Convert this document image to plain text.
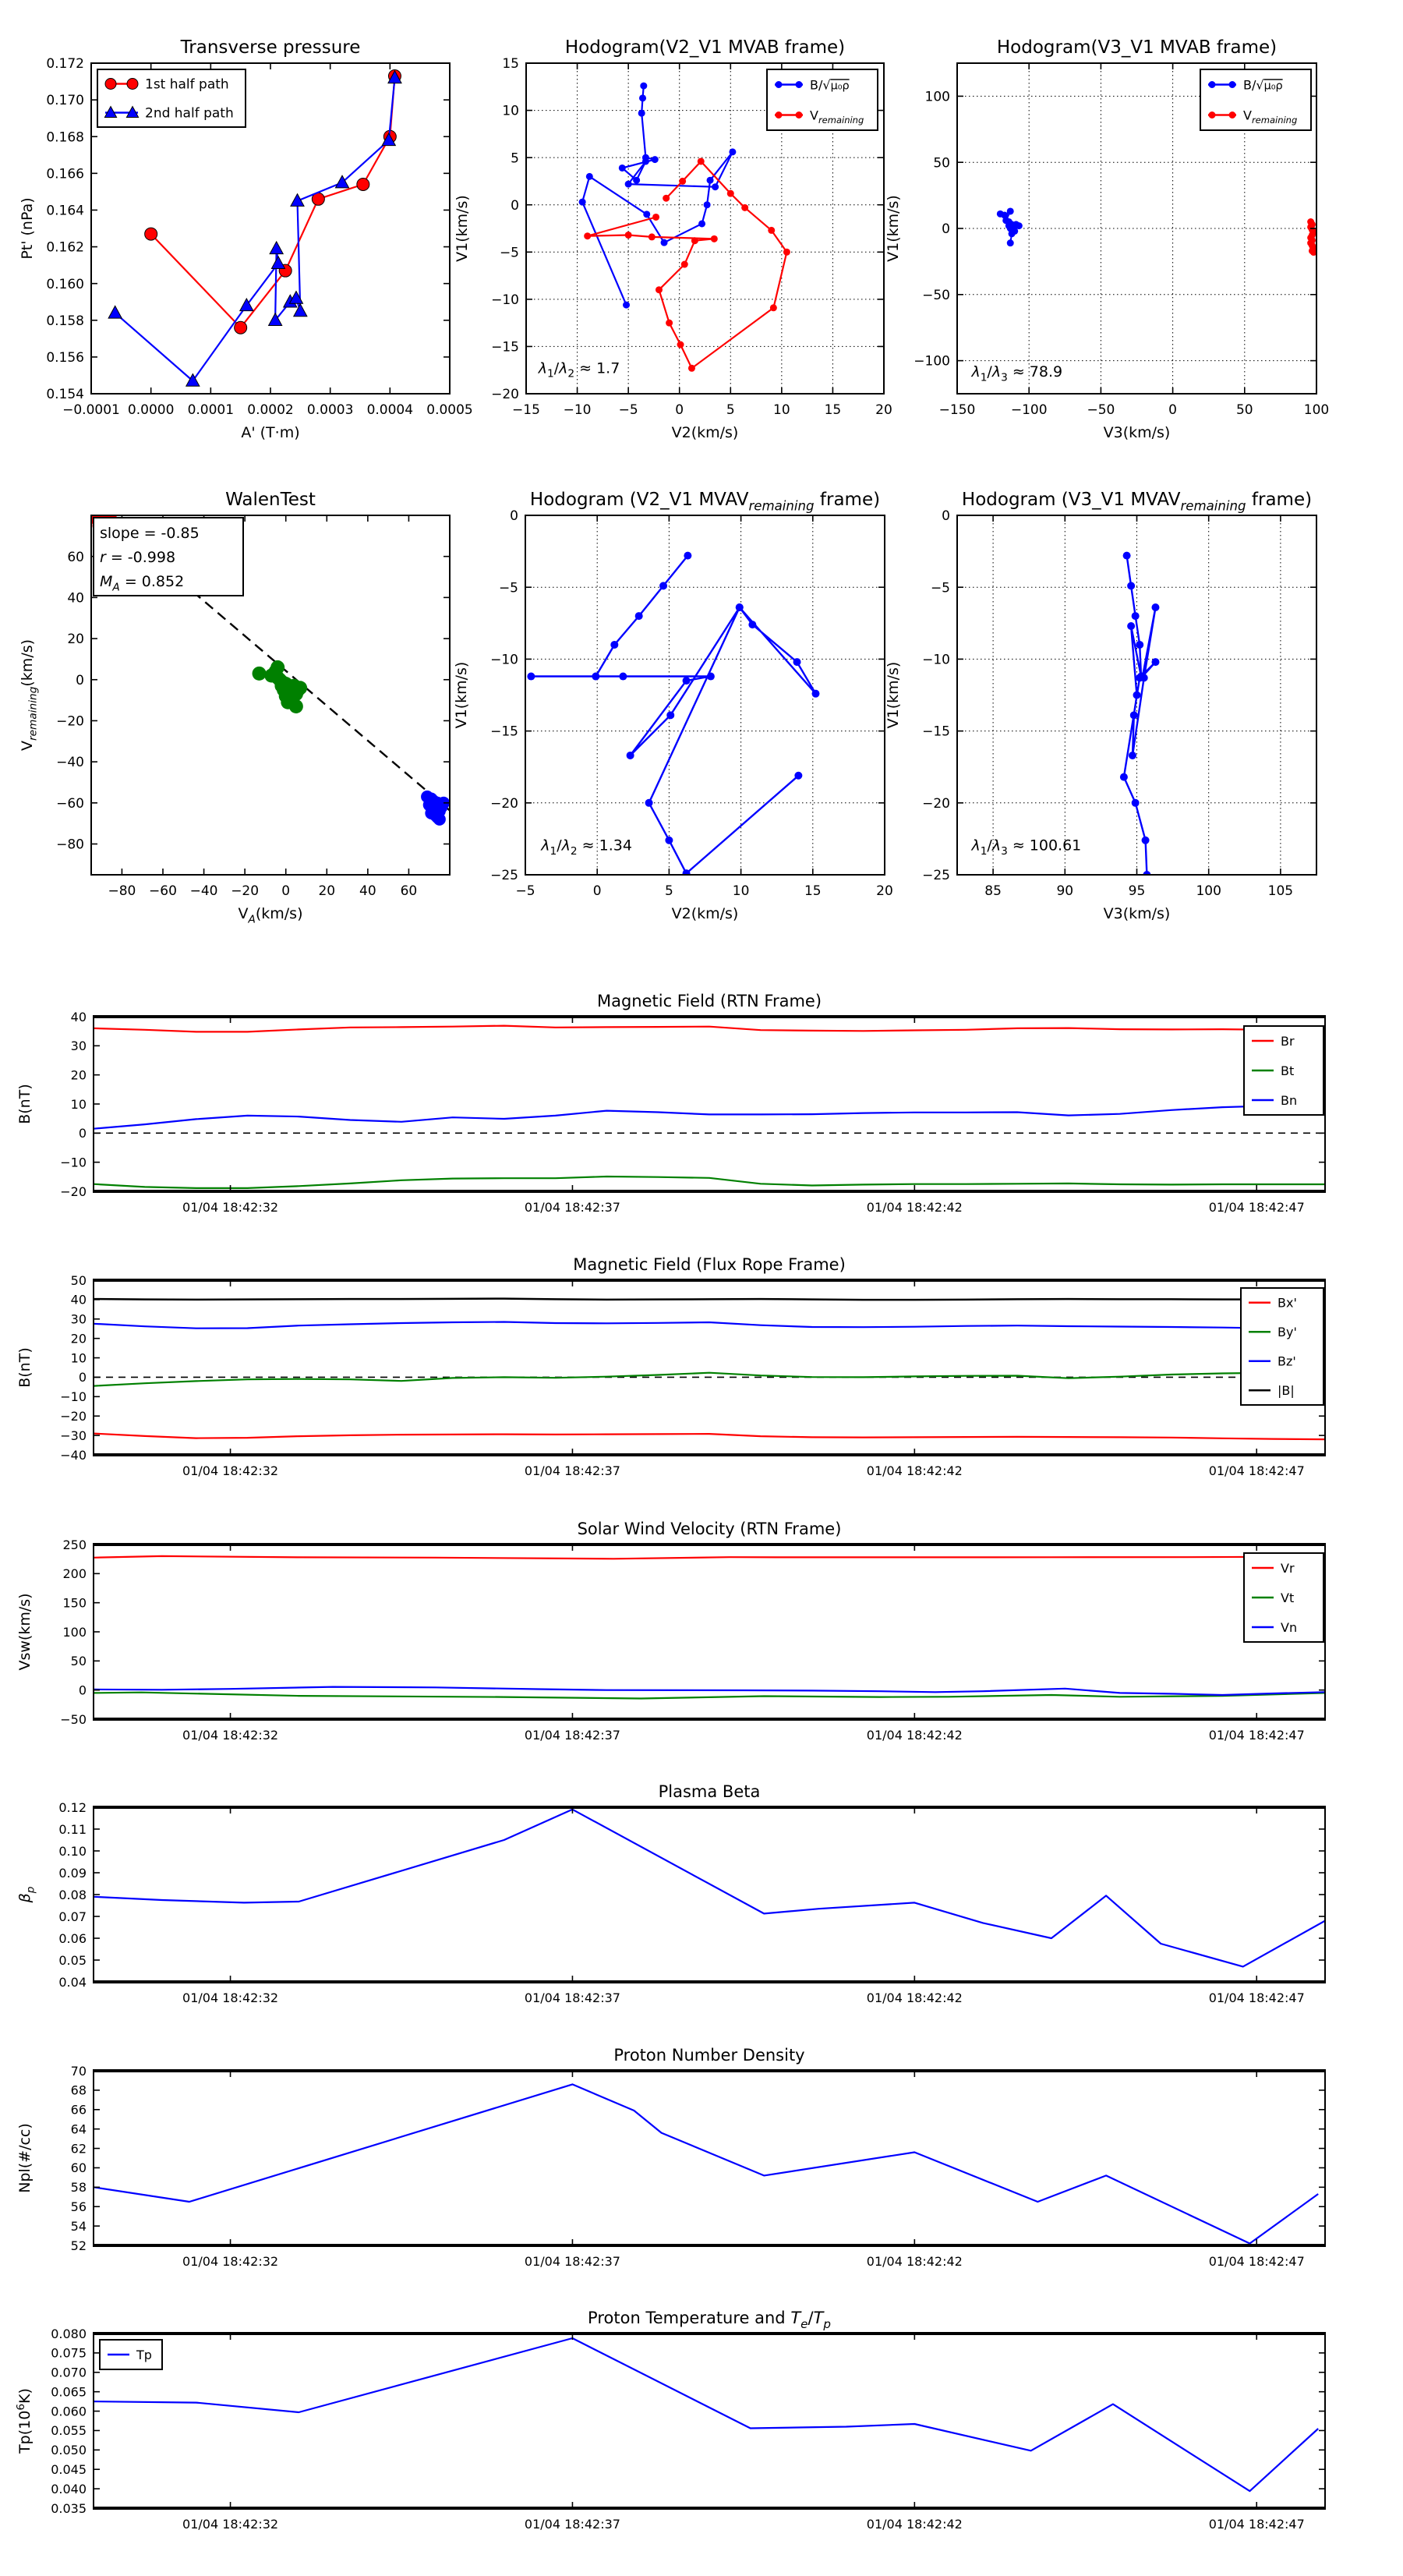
−0.0001 0.0000 0.0001 0.0002 0.0003 0.0004 0.0005
0.154
0.156
0.158
0.160
0.162
0.164
0.166
0.168
0.170
0.172
Transverse pressure
A' (T·m)
Pt' (nPa)
1st half path
2nd half path
−15 −10 −5	0	5	10	15	20
−20
−15
−10
−5
0
5
10
15
Hodogram(V2_V1 MVAB frame)
V2(km/s)
V1(km/s)
$\lambda_1/\lambda_2 \approx 1.7$
B/√μ₀ρ
$V_{remaining}$
−150	−100	−50	0	50	100
−100
−50
0
50
100
Hodogram(V3_V1 MVAB frame)
V3(km/s)
V1(km/s)
$\lambda_1/\lambda_3 \approx 78.9$
B/√μ₀ρ
$V_{remaining}$
−80 −60 −40 −20 0 20 40 60
−80
−60
−40
−20
0
20
40
60
WalenTest
$V_A(km/s)$
$V_{remaining}(km/s)$
slope = -0.85
r = -0.998
$M_A = 0.852$
−5	0	5	10	15	20
−25
−20
−15
−10
−5
0
Hodogram (V2_V1 $MVAV_{remaining}$ frame)
V2(km/s)
V1(km/s)
$\lambda_1/\lambda_2 \approx 1.34$
85	90	95	100	105
−25
−20
−15
−10
−5
0
Hodogram (V3_V1 $MVAV_{remaining}$ frame)
V3(km/s)
V1(km/s)
$\lambda_1/\lambda_3 \approx 100.61$
01/04 18:42:32	01/04 18:42:37	01/04 18:42:42	01/04 18:42:47
−20
−10
0
10
20
30
40
Magnetic Field (RTN Frame)
B(nT)
Br
Bt
Bn
01/04 18:42:32	01/04 18:42:37	01/04 18:42:42	01/04 18:42:47
−40
−30
−20
−10
0
10
20
30
40
50
Magnetic Field (Flux Rope Frame)
B(nT)
Bx'
By'
Bz'
|B|
01/04 18:42:32	01/04 18:42:37	01/04 18:42:42	01/04 18:42:47
−50
0
50
100
150
200
250
Solar Wind Velocity (RTN Frame)
Vsw(km/s)
Vr
Vt
Vn
01/04 18:42:32	01/04 18:42:37	01/04 18:42:42	01/04 18:42:47
0.04
0.05
0.06
0.07
0.08
0.09
0.10
0.11
0.12
Plasma Beta
$\beta_p$
01/04 18:42:32	01/04 18:42:37	01/04 18:42:42	01/04 18:42:47
52
54
56
58
60
62
64
66
68
70
Proton Number Density
Npl(#/cc)
01/04 18:42:32	01/04 18:42:37	01/04 18:42:42	01/04 18:42:47
0.035
0.040
0.045
0.050
0.055
0.060
0.065
0.070
0.075
0.080
Proton Temperature and $T_e/T_p$
$Tp(10^6K)$
Tp
